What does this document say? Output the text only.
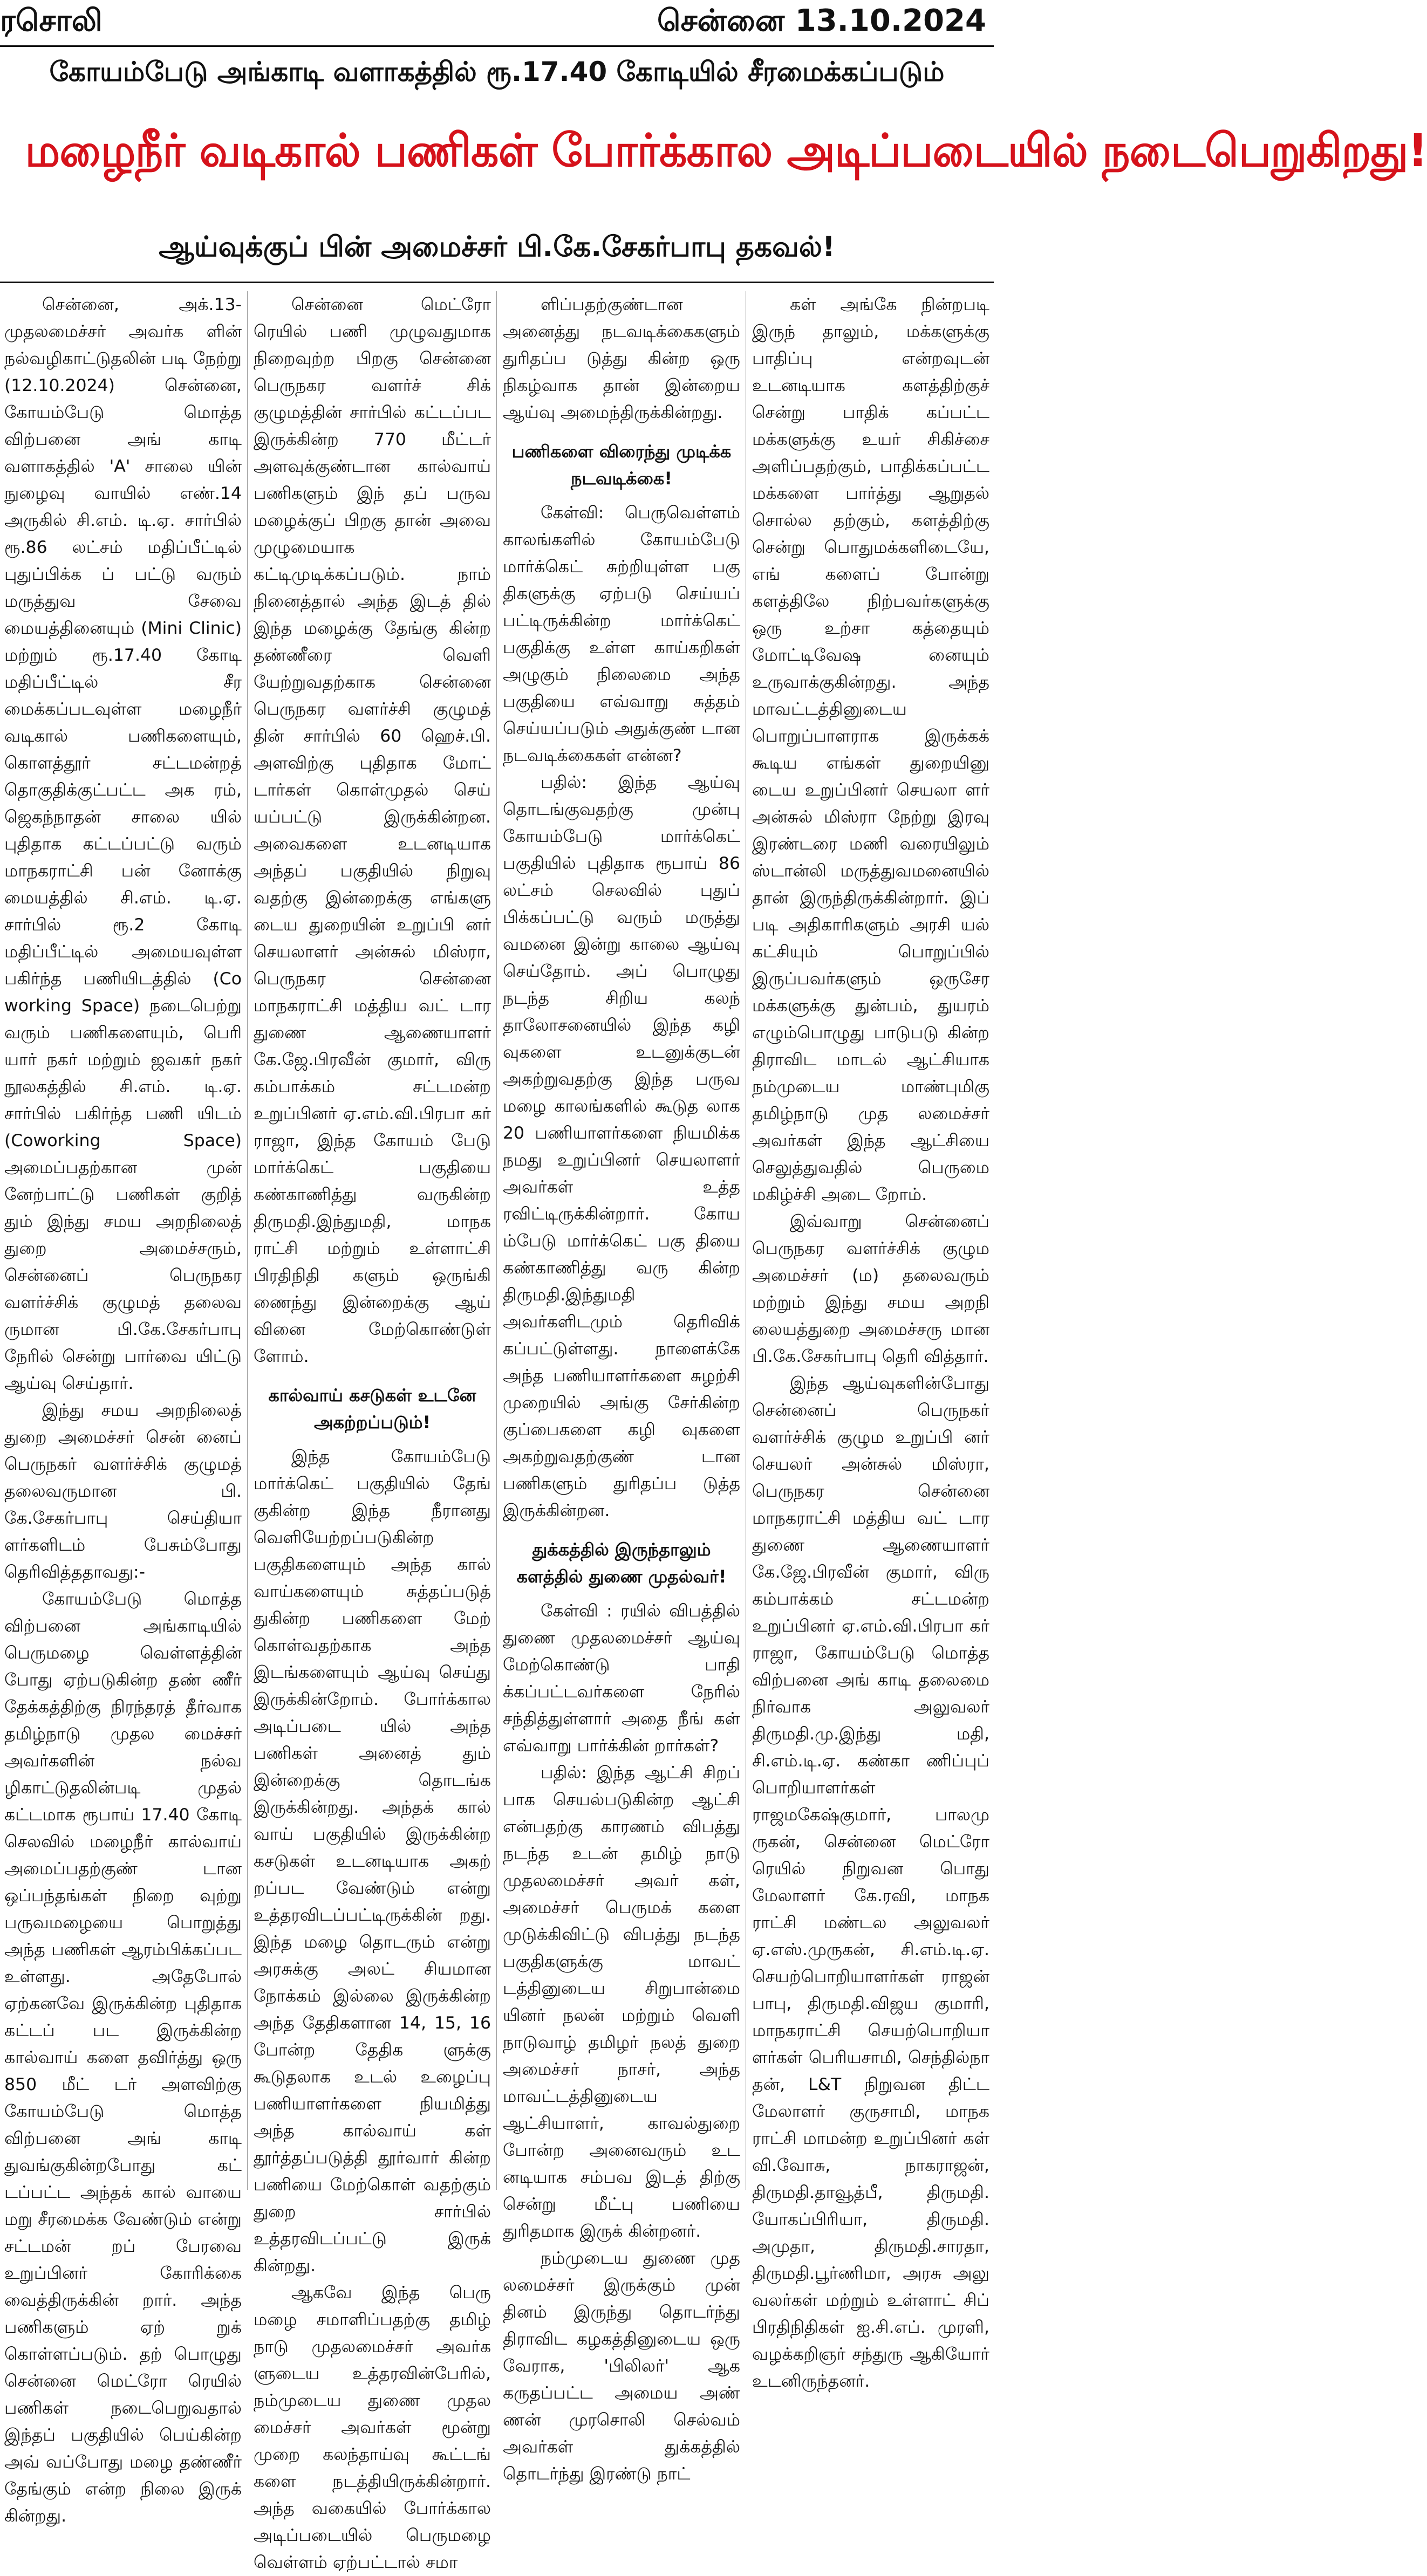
ரசொலி	சென்னை 13.10.2024
கோயம்பேடு அங்காடி வளாகத்தில் ரூ.17.40 கோடியில் சீரமைக்கப்படும்
மழைநீர் வடிகால் பணிகள் போர்க்கால அடிப்படையில் நடைபெறுகிறது!
ஆய்வுக்குப் பின் அமைச்சர் பி.கே.சேகர்பாபு தகவல்!

சென்னை, அக்.13- முதலமைச்சர் அவர்க ளின் நல்வழிகாட்டுதலின் படி நேற்று (12.10.2024) சென்னை, கோயம்பேடு மொத்த விற்பனை அங் காடி வளாகத்தில் 'A' சாலை யின் நுழைவு வாயில் எண்.14 அருகில் சி.எம். டி.ஏ. சார்பில் ரூ.86 லட்சம் மதிப்பீட்டில் புதுப்பிக்க ப் பட்டு வரும் மருத்துவ சேவை மையத்தினையும் (Mini Clinic) மற்றும் ரூ.17.40 கோடி மதிப்பீட்டில் சீர மைக்கப்படவுள்ள மழைநீர் வடிகால் பணிகளையும், கொளத்தூர் சட்டமன்றத் தொகுதிக்குட்பட்ட அக ரம், ஜெகந்நாதன் சாலை யில் புதிதாக கட்டப்பட்டு வரும் மாநகராட்சி பன் னோக்கு மையத்தில் சி.எம். டி.ஏ. சார்பில் ரூ.2 கோடி மதிப்பீட்டில் அமையவுள்ள பகிர்ந்த பணியிடத்தில் (Co working Space) நடைபெற்று வரும் பணிகளையும், பெரி யார் நகர் மற்றும் ஜவகர் நகர் நூலகத்தில் சி.எம். டி.ஏ. சார்பில் பகிர்ந்த பணி யிடம் (Coworking Space) அமைப்பதற்கான முன் னேற்பாட்டு பணிகள் குறித் தும் இந்து சமய அறநிலைத் துறை அமைச்சரும், சென்னைப் பெருநகர வளர்ச்சிக் குழுமத் தலைவ ருமான பி.கே.சேகர்பாபு நேரில் சென்று பார்வை யிட்டு ஆய்வு செய்தார்.

இந்து சமய அறநிலைத் துறை அமைச்சர் சென் னைப் பெருநகர் வளர்ச்சிக் குழுமத் தலைவருமான பி. கே.சேகர்பாபு செய்தியா ளர்களிடம் பேசும்போது தெரிவித்ததாவது:-

கோயம்பேடு மொத்த விற்பனை அங்காடியில் பெருமழை வெள்ளத்தின் போது ஏற்படுகின்ற தண் ணீர் தேக்கத்திற்கு நிரந்தரத் தீர்வாக தமிழ்நாடு முதல மைச்சர் அவர்களின் நல்வ ழிகாட்டுதலின்படி முதல் கட்டமாக ரூபாய் 17.40 கோடி செலவில் மழைநீர் கால்வாய் அமைப்பதற்குண் டான ஒப்பந்தங்கள் நிறை வுற்று பருவமழையை பொறுத்து அந்த பணிகள் ஆரம்பிக்கப்பட உள்ளது. அதேபோல் ஏற்கனவே இருக்கின்ற புதிதாக கட்டப் பட இருக்கின்ற கால்வாய் களை தவிர்த்து ஒரு 850 மீட் டர் அளவிற்கு கோயம்பேடு மொத்த விற்பனை அங் காடி துவங்குகின்றபோது கட் டப்பட்ட அந்தக் கால் வாயை மறு சீரமைக்க வேண்டும் என்று சட்டமன் றப் பேரவை உறுப்பினர் கோரிக்கை வைத்திருக்கின் றார். அந்த பணிகளும் ஏற் றுக் கொள்ளப்படும். தற் பொழுது சென்னை மெட்ரோ ரெயில் பணிகள் நடைபெறுவதால் இந்தப் பகுதியில் பெய்கின்ற அவ் வப்போது மழை தண்ணீர் தேங்கும் என்ற நிலை இருக் கின்றது.

சென்னை மெட்ரோ ரெயில் பணி முழுவதுமாக நிறைவுற்ற பிறகு சென்னை பெருநகர வளர்ச் சிக் குழுமத்தின் சார்பில் கட்டப்பட இருக்கின்ற 770 மீட்டர் அளவுக்குண்டான கால்வாய் பணிகளும் இந் தப் பருவ மழைக்குப் பிறகு தான் அவை முழுமையாக கட்டிமுடிக்கப்படும். நாம் நினைத்தால் அந்த இடத் தில் இந்த மழைக்கு தேங்கு கின்ற தண்ணீரை வெளி யேற்றுவதற்காக சென்னை பெருநகர வளர்ச்சி குழுமத் தின் சார்பில் 60 ஹெச்.பி. அளவிற்கு புதிதாக மோட் டார்கள் கொள்முதல் செய் யப்பட்டு இருக்கின்றன. அவைகளை உடனடியாக அந்தப் பகுதியில் நிறுவு வதற்கு இன்றைக்கு எங்களு டைய துறையின் உறுப்பி னர் செயலாளர் அன்சுல் மிஸ்ரா, பெருநகர சென்னை மாநகராட்சி மத்திய வட் டார துணை ஆணையாளர் கே.ஜே.பிரவீன் குமார், விரு கம்பாக்கம் சட்டமன்ற உறுப்பினர் ஏ.எம்.வி.பிரபா கர் ராஜா, இந்த கோயம் பேடு மார்க்கெட் பகுதியை கண்காணித்து வருகின்ற திருமதி.இந்துமதி, மாநக ராட்சி மற்றும் உள்ளாட்சி பிரதிநிதி களும் ஒருங்கி ணைந்து இன்றைக்கு ஆய் வினை மேற்கொண்டுள் ளோம்.

கால்வாய் கசடுகள் உடனே அகற்றப்படும்!

இந்த கோயம்பேடு மார்க்கெட் பகுதியில் தேங் குகின்ற இந்த நீரானது வெளியேற்றப்படுகின்ற பகுதிகளையும் அந்த கால் வாய்களையும் சுத்தப்படுத் துகின்ற பணிகளை மேற் கொள்வதற்காக அந்த இடங்களையும் ஆய்வு செய்து இருக்கின்றோம். போர்க்கால அடிப்படை யில் அந்த பணிகள் அனைத் தும் இன்றைக்கு தொடங்க இருக்கின்றது. அந்தக் கால் வாய் பகுதியில் இருக்கின்ற கசடுகள் உடனடியாக அகற் றப்பட வேண்டும் என்று உத்தரவிடப்பட்டிருக்கின் றது. இந்த மழை தொடரும் என்று அரசுக்கு அலட் சியமான நோக்கம் இல்லை இருக்கின்ற அந்த தேதிகளான 14, 15, 16 போன்ற தேதிக ளுக்கு கூடுதலாக உடல் உழைப்பு பணியாளர்களை நியமித்து அந்த கால்வாய் கள் தூர்த்தப்படுத்தி தூர்வார் கின்ற பணியை மேற்கொள் வதற்கும் துறை சார்பில் உத்தரவிடப்பட்டு இருக் கின்றது.

ஆகவே இந்த பெரு மழை சமாளிப்பதற்கு தமிழ் நாடு முதலமைச்சர் அவர்க ளுடைய உத்தரவின்பேரில், நம்முடைய துணை முதல மைச்சர் அவர்கள் மூன்று முறை கலந்தாய்வு கூட்டங் களை நடத்தியிருக்கின்றார். அந்த வகையில் போர்க்கால அடிப்படையில் பெருமழை வெள்ளம் ஏற்பட்டால் சமா

ளிப்பதற்குண்டான அனைத்து நடவடிக்கைகளும் துரிதப்ப டுத்து கின்ற ஒரு நிகழ்வாக தான் இன்றைய ஆய்வு அமைந்திருக்கின்றது.

பணிகளை விரைந்து முடிக்க நடவடிக்கை!

கேள்வி: பெருவெள்ளம் காலங்களில் கோயம்பேடு மார்க்கெட் சுற்றியுள்ள பகு திகளுக்கு ஏற்படு செய்யப் பட்டிருக்கின்ற மார்க்கெட் பகுதிக்கு உள்ள காய்கறிகள் அழுகும் நிலைமை அந்த பகுதியை எவ்வாறு சுத்தம் செய்யப்படும் அதுக்குண் டான நடவடிக்கைகள் என்ன?

பதில்: இந்த ஆய்வு தொடங்குவதற்கு முன்பு கோயம்பேடு மார்க்கெட் பகுதியில் புதிதாக ரூபாய் 86 லட்சம் செலவில் புதுப் பிக்கப்பட்டு வரும் மருத்து வமனை இன்று காலை ஆய்வு செய்தோம். அப் பொழுது நடந்த சிறிய கலந் தாலோசனையில் இந்த கழி வுகளை உடனுக்குடன் அகற்றுவதற்கு இந்த பருவ மழை காலங்களில் கூடுத லாக 20 பணியாளர்களை நியமிக்க நமது உறுப்பினர் செயலாளர் அவர்கள் உத்த ரவிட்டிருக்கின்றார். கோய ம்பேடு மார்க்கெட் பகு தியை கண்காணித்து வரு கின்ற திருமதி.இந்துமதி அவர்களிடமும் தெரிவிக் கப்பட்டுள்ளது. நாளைக்கே அந்த பணியாளர்களை சுழற்சி முறையில் அங்கு சேர்கின்ற குப்பைகளை கழி வுகளை அகற்றுவதற்குண் டான பணிகளும் துரிதப்ப டுத்த இருக்கின்றன.

துக்கத்தில் இருந்தாலும் களத்தில் துணை முதல்வர்!

கேள்வி : ரயில் விபத்தில் துணை முதலமைச்சர் ஆய்வு மேற்கொண்டு பாதி க்கப்பட்டவர்களை நேரில் சந்தித்துள்ளார் அதை நீங் கள் எவ்வாறு பார்க்கின் றார்கள்?

பதில்: இந்த ஆட்சி சிறப் பாக செயல்படுகின்ற ஆட்சி என்பதற்கு காரணம் விபத்து நடந்த உடன் தமிழ் நாடு முதலமைச்சர் அவர் கள், அமைச்சர் பெருமக் களை முடுக்கிவிட்டு விபத்து நடந்த பகுதிகளுக்கு மாவட் டத்தினுடைய சிறுபான்மை யினர் நலன் மற்றும் வெளி நாடுவாழ் தமிழர் நலத் துறை அமைச்சர் நாசர், அந்த மாவட்டத்தினுடைய ஆட்சியாளர், காவல்துறை போன்ற அனைவரும் உட னடியாக சம்பவ இடத் திற்கு சென்று மீட்பு பணியை துரிதமாக இருக் கின்றனர்.

நம்முடைய துணை முத லமைச்சர் இருக்கும் முன் தினம் இருந்து தொடர்ந்து திராவிட கழகத்தினுடைய ஒரு வேராக, 'பிலிலர்' ஆக கருதப்பட்ட அமைய அண் ணன் முரசொலி செல்வம் அவர்கள் துக்கத்தில் தொடர்ந்து இரண்டு நாட்

கள் அங்கே நின்றபடி இருந் தாலும், மக்களுக்கு பாதிப்பு என்றவுடன் உடனடியாக களத்திற்குச் சென்று பாதிக் கப்பட்ட மக்களுக்கு உயர் சிகிச்சை அளிப்பதற்கும், பாதிக்கப்பட்ட மக்களை பார்த்து ஆறுதல் சொல்ல தற்கும், களத்திற்கு சென்று பொதுமக்களிடையே, எங் களைப் போன்று களத்திலே நிற்பவர்களுக்கு ஒரு உற்சா கத்தையும் மோட்டிவேஷ னையும் உருவாக்குகின்றது. அந்த மாவட்டத்தினுடைய பொறுப்பாளராக இருக்கக் கூடிய எங்கள் துறையினு டைய உறுப்பினர் செயலா ளர் அன்சுல் மிஸ்ரா நேற்று இரவு இரண்டரை மணி வரையிலும் ஸ்டான்லி மருத்துவமனையில் தான் இருந்திருக்கின்றார். இப் படி அதிகாரிகளும் அரசி யல் கட்சியும் பொறுப்பில் இருப்பவர்களும் ஒருசேர மக்களுக்கு துன்பம், துயரம் எழும்பொழுது பாடுபடு கின்ற திராவிட மாடல் ஆட்சியாக நம்முடைய மாண்புமிகு தமிழ்நாடு முத லமைச்சர் அவர்கள் இந்த ஆட்சியை செலுத்துவதில் பெருமை மகிழ்ச்சி அடை றோம்.

இவ்வாறு சென்னைப் பெருநகர வளர்ச்சிக் குழும அமைச்சர் (ம) தலைவரும் மற்றும் இந்து சமய அறநி லையத்துறை அமைச்சரு மான பி.கே.சேகர்பாபு தெரி வித்தார்.

இந்த ஆய்வுகளின்போது சென்னைப் பெருநகர் வளர்ச்சிக் குழும உறுப்பி னர் செயலர் அன்சுல் மிஸ்ரா, பெருநகர சென்னை மாநகராட்சி மத்திய வட் டார துணை ஆணையாளர் கே.ஜே.பிரவீன் குமார், விரு கம்பாக்கம் சட்டமன்ற உறுப்பினர் ஏ.எம்.வி.பிரபா கர் ராஜா, கோயம்பேடு மொத்த விற்பனை அங் காடி தலைமை நிர்வாக அலுவலர் திருமதி.மு.இந்து மதி, சி.எம்.டி.ஏ. கண்கா ணிப்புப் பொறியாளர்கள் ராஜமகேஷ்குமார், பாலமு ருகன், சென்னை மெட்ரோ ரெயில் நிறுவன பொது மேலாளர் கே.ரவி, மாநக ராட்சி மண்டல அலுவலர் ஏ.எஸ்.முருகன், சி.எம்.டி.ஏ. செயற்பொறியாளர்கள் ராஜன் பாபு, திருமதி.விஜய குமாரி, மாநகராட்சி செயற்பொறியா ளர்கள் பெரியசாமி, செந்தில்நா தன், L&T நிறுவன திட்ட மேலாளர் குருசாமி, மாநக ராட்சி மாமன்ற உறுப்பினர் கள் வி.வோசு, நாகராஜன், திருமதி.தாவூத்பீ, திருமதி. யோகப்பிரியா, திருமதி. அமுதா, திருமதி.சாரதா, திருமதி.பூர்ணிமா, அரசு அலு வலர்கள் மற்றும் உள்ளாட் சிப் பிரதிநிதிகள் ஐ.சி.எப். முரளி, வழக்கறிஞர் சந்துரு ஆகியோர் உடனிருந்தனர்.
